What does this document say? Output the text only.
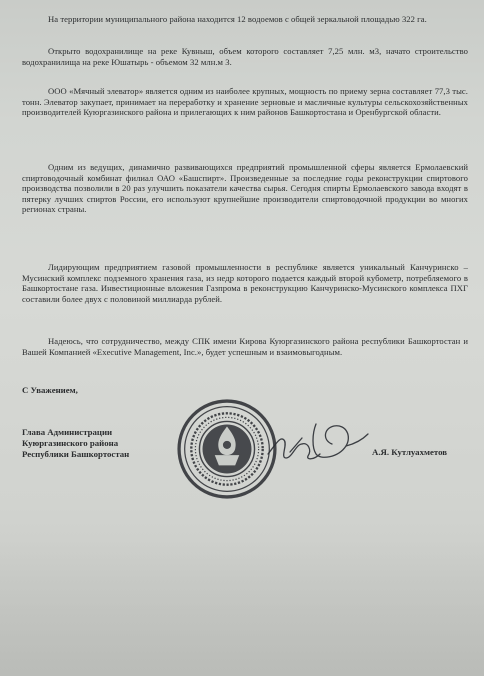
На территории муниципального района находится 12 водоемов с общей зеркальной площадью 322 га.

Открыто водохранилище на реке Кувныш, объем которого составляет 7,25 млн. м3, начато строительство водохранилища на реке Юшатырь - объемом 32 млн.м 3.

ООО «Мячный элеватор» является одним из наиболее крупных, мощность по приему зерна составляет 77,3 тыс. тонн. Элеватор закупает, принимает на переработку и хранение зерновые и масличные культуры сельскохозяйственных производителей Куюргазинского района и прилегающих к ним районов Башкортостана и Оренбургской области.

Одним из ведущих, динамично развивающихся предприятий промышленной сферы является Ермолаевский спиртоводочный комбинат филиал ОАО «Башспирт». Произведенные за последние годы реконструкции спиртового производства позволили в 20 раз улучшить показатели качества сырья. Сегодня спирты Ермолаевского завода входят в пятерку лучших спиртов России, его используют крупнейшие производители спиртоводочной продукции во многих регионах страны.

Лидирующим предприятием газовой промышленности в республике является уникальный Канчуринско – Мусинский комплекс подземного хранения газа, из недр которого подается каждый второй кубометр, потребляемого в Башкортостане газа. Инвестиционные вложения Газпрома в реконструкцию Канчуринско-Мусинского комплекса ПХГ составили более двух с половиной миллиарда рублей.

Надеюсь, что сотрудничество, между СПК имени Кирова Куюргазинского района республики Башкортостан и Вашей Компанией «Executive Management, Inc.», будет успешным и взаимовыгодным.

С Уважением,

Глава Администрации
Куюргазинского района
Республики Башкортостан	А.Я. Кутлуахметов
